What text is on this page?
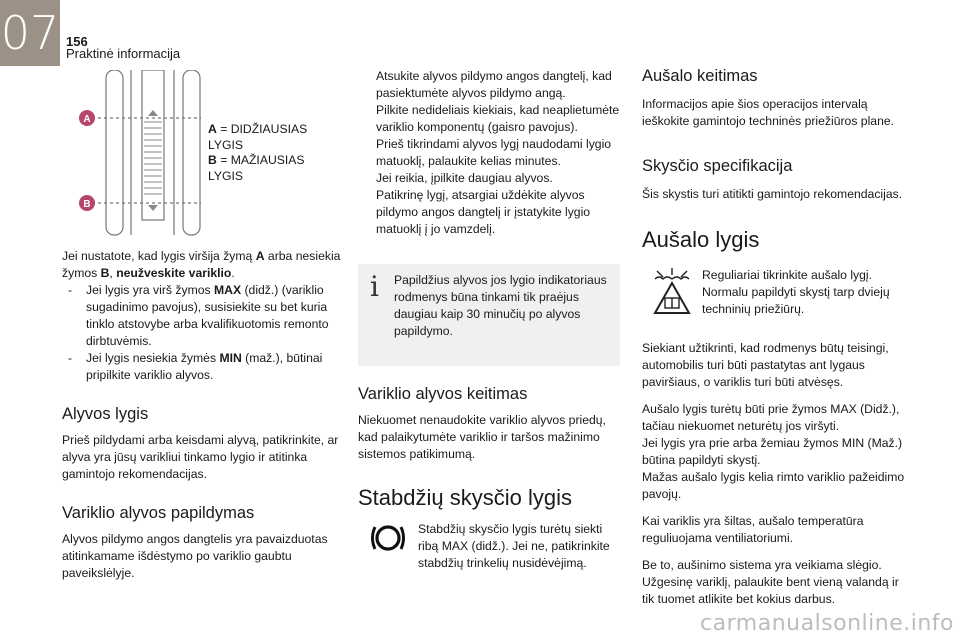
07 156
Praktinė informacija
A
B
A = DIDŽIAUSIAS
LYGIS
B = MAŽIAUSIAS
LYGIS

Jei nustatote, kad lygis viršija žymą A arba nesiekia žymos B, neužveskite variklio.

-	Jei lygis yra virš žymos MAX (didž.) (variklio sugadinimo pavojus), susisiekite su bet kuria tinklo atstovybe arba kvalifikuotomis remonto dirbtuvėmis.
-	Jei lygis nesiekia žymės MIN (maž.), būtinai pripilkite variklio alyvos.
Alyvos lygis

Prieš pildydami arba keisdami alyvą, patikrinkite, ar alyva yra jūsų varikliui tinkamo lygio ir atitinka gamintojo rekomendacijas.

Variklio alyvos papildymas

Alyvos pildymo angos dangtelis yra pavaizduotas atitinkamame išdėstymo po variklio gaubtu paveikslėlyje.

Atsukite alyvos pildymo angos dangtelį, kad pasiektumėte alyvos pildymo angą.
Pilkite nedideliais kiekiais, kad neaplietumėte variklio komponentų (gaisro pavojus).
Prieš tikrindami alyvos lygį naudodami lygio matuoklį, palaukite kelias minutes.
Jei reikia, įpilkite daugiau alyvos.
Patikrinę lygį, atsargiai uždėkite alyvos pildymo angos dangtelį ir įstatykite lygio matuoklį į jo vamzdelį.
i	Papildžius alyvos jos lygio indikatoriaus rodmenys būna tinkami tik praėjus daugiau kaip 30 minučių po alyvos papildymo.

Variklio alyvos keitimas

Niekuomet nenaudokite variklio alyvos priedų, kad palaikytumėte variklio ir taršos mažinimo sistemos patikimumą.

Stabdžių skysčio lygis

Stabdžių skysčio lygis turėtų siekti ribą MAX (didž.). Jei ne, patikrinkite stabdžių trinkelių nusidėvėjimą.

Aušalo keitimas

Informacijos apie šios operacijos intervalą ieškokite gamintojo techninės priežiūros plane.

Skysčio specifikacija

Šis skystis turi atitikti gamintojo rekomendacijas.

Aušalo lygis

Reguliariai tikrinkite aušalo lygį. Normalu papildyti skystį tarp dviejų techninių priežiūrų.

Siekiant užtikrinti, kad rodmenys būtų teisingi, automobilis turi būti pastatytas ant lygaus paviršiaus, o variklis turi būti atvėsęs.

Aušalo lygis turėtų būti prie žymos MAX (Didž.), tačiau niekuomet neturėtų jos viršyti.
Jei lygis yra prie arba žemiau žymos MIN (Maž.) būtina papildyti skystį.
Mažas aušalo lygis kelia rimto variklio pažeidimo pavojų.

Kai variklis yra šiltas, aušalo temperatūra reguliuojama ventiliatoriumi.

Be to, aušinimo sistema yra veikiama slėgio. Užgesinę variklį, palaukite bent vieną valandą ir tik tuomet atlikite bet kokius darbus.

carmanualsonline.info
